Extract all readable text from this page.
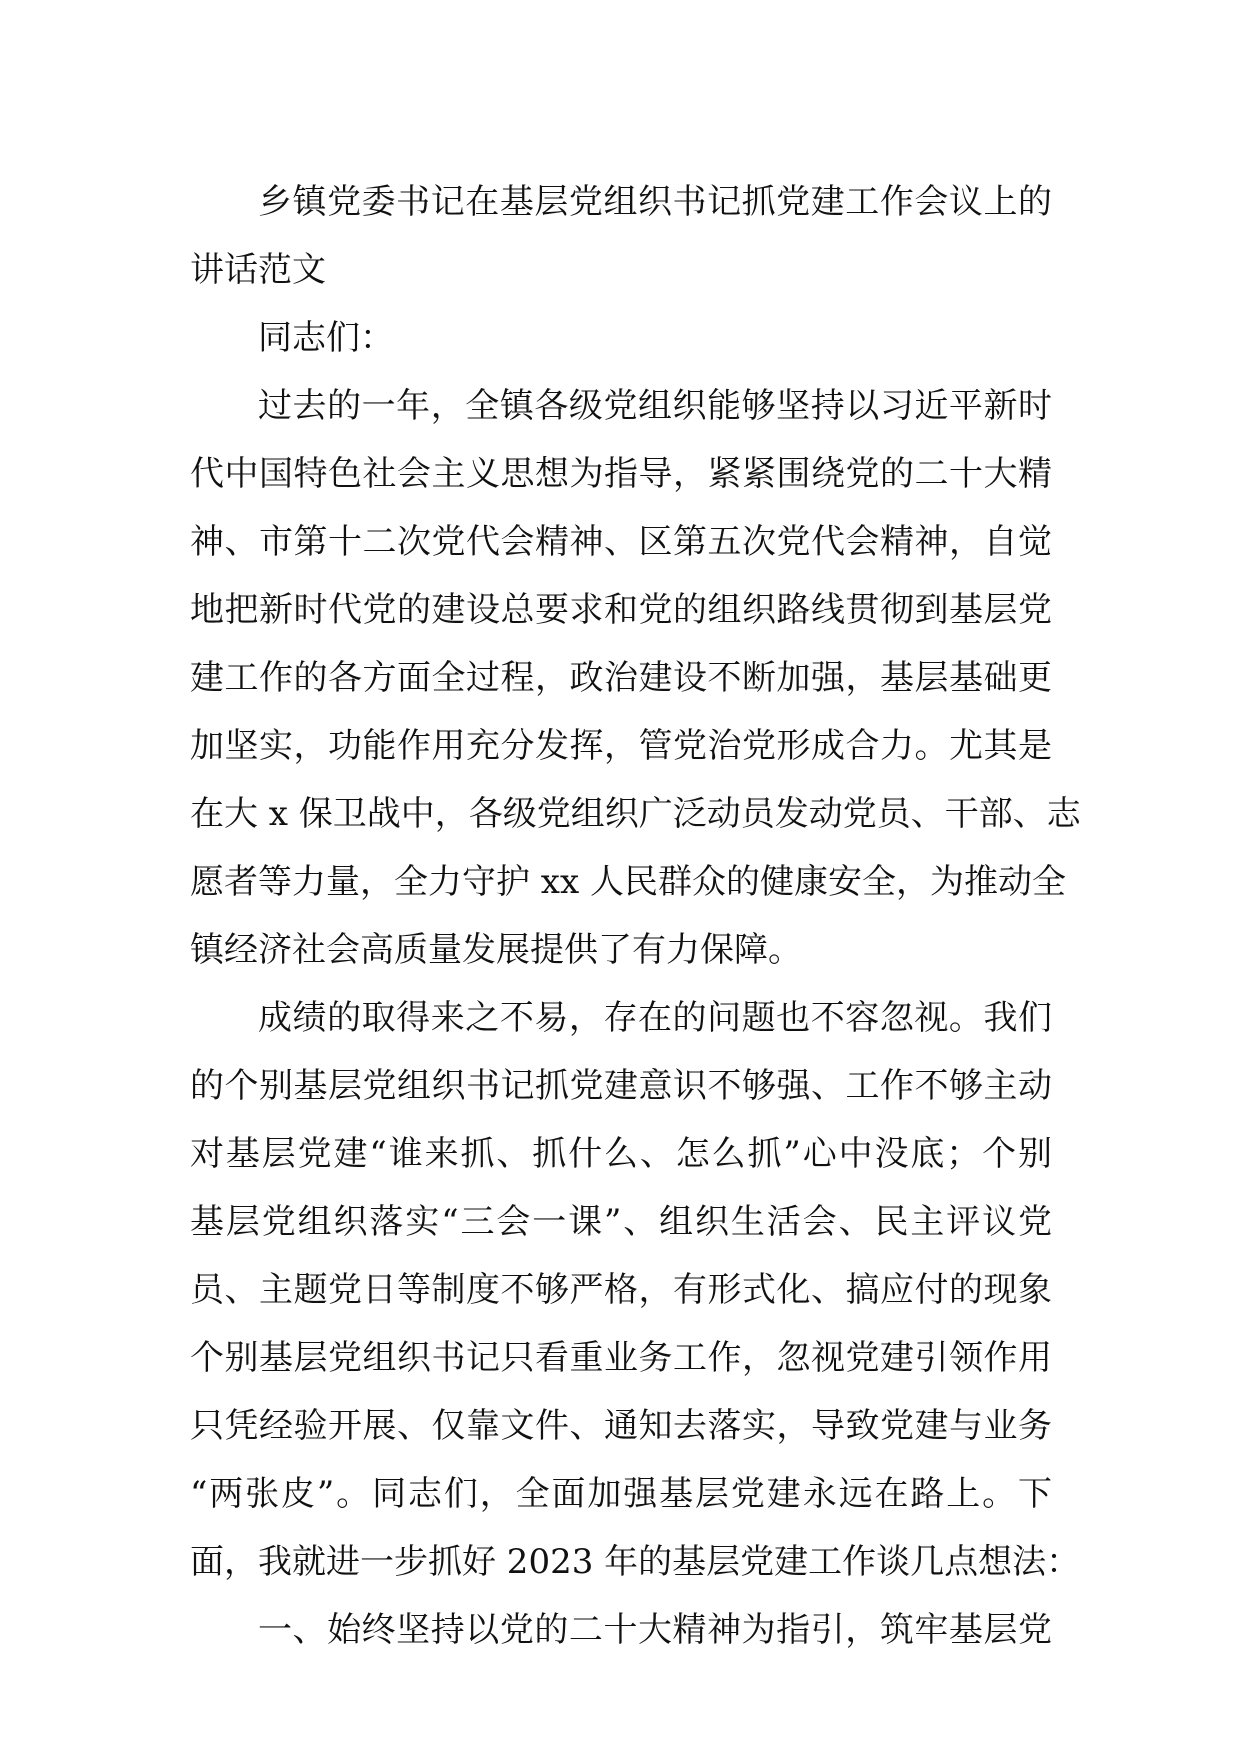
乡镇党委书记在基层党组织书记抓党建工作会议上的
讲话范文
同志们：
过去的一年，全镇各级党组织能够坚持以习近平新时
代中国特色社会主义思想为指导，紧紧围绕党的二十大精
神、市第十二次党代会精神、区第五次党代会精神，自觉
地把新时代党的建设总要求和党的组织路线贯彻到基层党
建工作的各方面全过程，政治建设不断加强，基层基础更
加坚实，功能作用充分发挥，管党治党形成合力。尤其是
在大 x 保卫战中，各级党组织广泛动员发动党员、干部、志
愿者等力量，全力守护 xx 人民群众的健康安全，为推动全
镇经济社会高质量发展提供了有力保障。
成绩的取得来之不易，存在的问题也不容忽视。我们
的个别基层党组织书记抓党建意识不够强、工作不够主动
对基层党建“谁来抓、抓什么、怎么抓”心中没底；个别
基层党组织落实“三会一课”、组织生活会、民主评议党
员、主题党日等制度不够严格，有形式化、搞应付的现象
个别基层党组织书记只看重业务工作，忽视党建引领作用
只凭经验开展、仅靠文件、通知去落实，导致党建与业务
“两张皮”。同志们，全面加强基层党建永远在路上。下
面，我就进一步抓好 2023 年的基层党建工作谈几点想法：
一、始终坚持以党的二十大精神为指引，筑牢基层党
